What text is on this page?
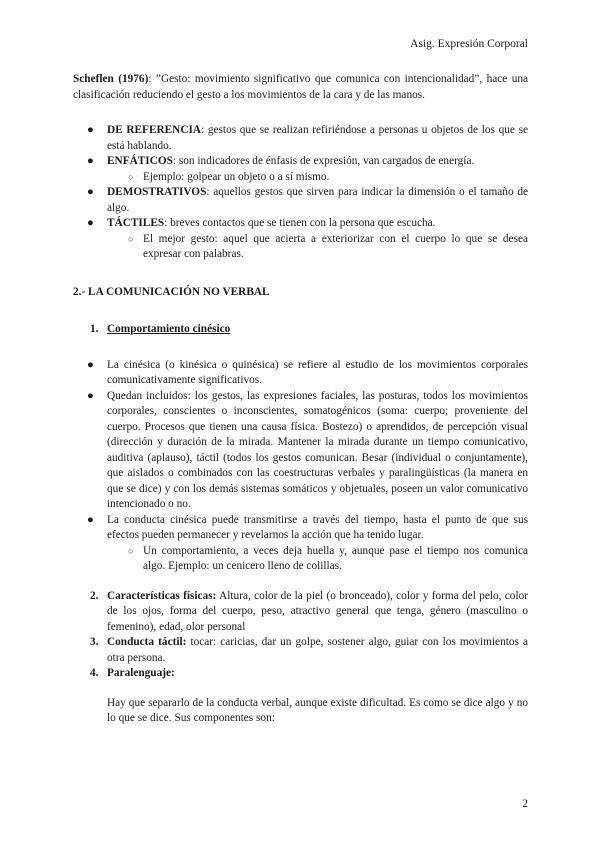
Asig. Expresión Corporal

Scheflen (1976): ”Gesto: movimiento significativo que comunica con intencionalidad”, hace una clasificación reduciendo el gesto a los movimientos de la cara y de las manos.

● DE REFERENCIA: gestos que se realizan refiriéndose a personas u objetos de los que se está hablando.
● ENFÁTICOS: son indicadores de énfasis de expresión, van cargados de energía.
○ Ejemplo: golpear un objeto o a sí mismo.
● DEMOSTRATIVOS: aquellos gestos que sirven para indicar la dimensión o el tamaño de algo.
● TÁCTILES: breves contactos que se tienen con la persona que escucha.
○ El mejor gesto: aquel que acierta a exteriorizar con el cuerpo lo que se desea expresar con palabras.
2.- LA COMUNICACIÓN NO VERBAL
1. Comportamiento cinésico
● La cinésica (o kinésica o quinésica) se refiere al estudio de los movimientos corporales comunicativamente significativos.
● Quedan incluidos: los gestos, las expresiones faciales, las posturas, todos los movimientos corporales, conscientes o inconscientes, somatogénicos (soma: cuerpo; proveniente del cuerpo. Procesos que tienen una causa física. Bostezo) o aprendidos, de percepción visual (dirección y duración de la mirada. Mantener la mirada durante un tiempo comunicativo, auditiva (aplauso), táctil (todos los gestos comunican. Besar (individual o conjuntamente), que aislados o combinados con las coestructuras verbales y paralingüísticas (la manera en que se dice) y con los demás sistemas somáticos y objetuales, poseen un valor comunicativo intencionado o no.
● La conducta cinésica puede transmitirse a través del tiempo, hasta el punto de que sus efectos pueden permanecer y revelarnos la acción que ha tenido lugar.
○ Un comportamiento, a veces deja huella y, aunque pase el tiempo nos comunica algo. Ejemplo: un cenicero lleno de colillas.
2. Características físicas: Altura, color de la piel (o bronceado), color y forma del pelo, color de los ojos, forma del cuerpo, peso, atractivo general que tenga, género (masculino o femenino), edad, olor personal
3. Conducta táctil: tocar: caricias, dar un golpe, sostener algo, guiar con los movimientos a otra persona.
4. Paralenguaje:

Hay que separarlo de la conducta verbal, aunque existe dificultad. Es como se dice algo y no lo que se dice. Sus componentes son:

2
